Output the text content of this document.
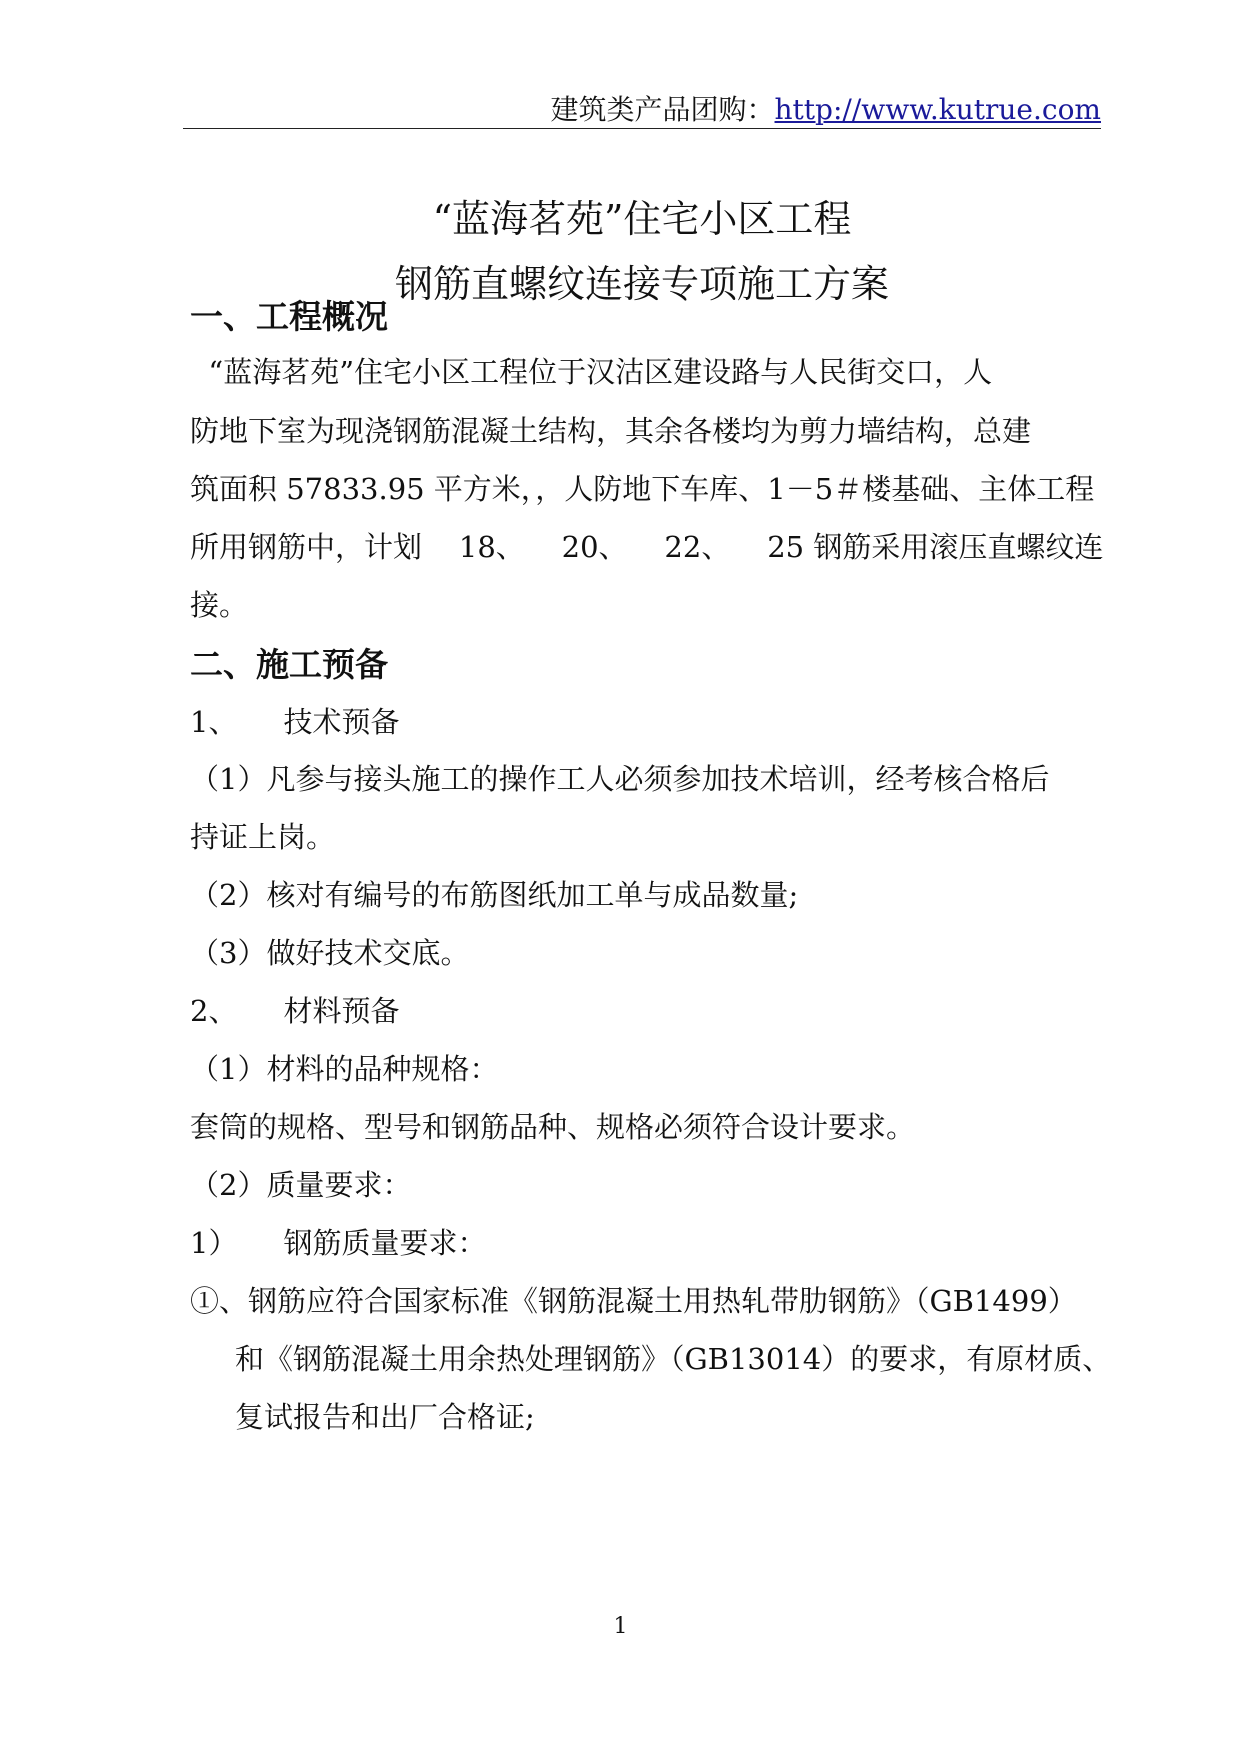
建筑类产品团购：http://www.kutrue.com
“蓝海茗苑”住宅小区工程
钢筋直螺纹连接专项施工方案
一、工程概况
“蓝海茗苑”住宅小区工程位于汉沽区建设路与人民街交口，人
防地下室为现浇钢筋混凝土结构，其余各楼均为剪力墙结构，总建
筑面积 57833.95 平方米，，人防地下车库、1－5＃楼基础、主体工程
所用钢筋中，计划    18、    20、    22、    25 钢筋采用滚压直螺纹连
接。
二、施工预备
1、     技术预备
（1）凡参与接头施工的操作工人必须参加技术培训，经考核合格后
持证上岗。
（2）核对有编号的布筋图纸加工单与成品数量;
（3）做好技术交底。
2、     材料预备
（1）材料的品种规格：
套筒的规格、型号和钢筋品种、规格必须符合设计要求。
（2）质量要求：
1）     钢筋质量要求：
①、钢筋应符合国家标准《钢筋混凝土用热轧带肋钢筋》（GB1499）
和《钢筋混凝土用余热处理钢筋》（GB13014）的要求，有原材质、
复试报告和出厂合格证;
1
